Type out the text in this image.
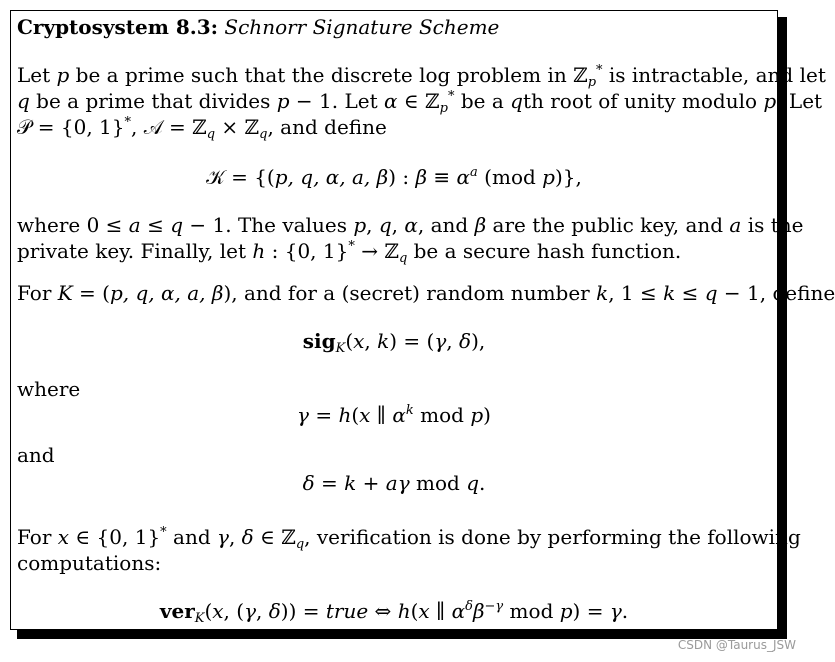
Cryptosystem 8.3: Schnorr Signature Scheme
Let p be a prime such that the discrete log problem in ℤ$_p$* is intractable, and let
q be a prime that divides p − 1. Let α ∈ ℤ$_p$* be a qth root of unity modulo p. Let
𝒫 = {0, 1}*, 𝒜 = ℤ$_q$ × ℤ$_q$, and define
𝒦 = {(p, q, α, a, β) : $\beta \equiv \alpha^a$ (mod p)},
where 0 ≤ a ≤ q − 1. The values p, q, α, and β are the public key, and a is the
private key. Finally, let h : {0, 1}* → ℤ$_q$ be a secure hash function.
For K = (p, q, α, a, β), and for a (secret) random number k, 1 ≤ k ≤ q − 1, define
sig$_K$(x, k) = (γ, δ),
where
γ = h(x ∥ $\alpha^k$ mod p)
and
δ = k + aγ mod q.
For x ∈ {0, 1}* and γ, δ ∈ ℤ$_q$, verification is done by performing the following
computations:
ver$_K$(x, (γ, δ)) = true ⇔ h(x ∥ $\alpha^\delta\beta^{-\gamma}$ mod p) = γ.
CSDN @Taurus_JSW
